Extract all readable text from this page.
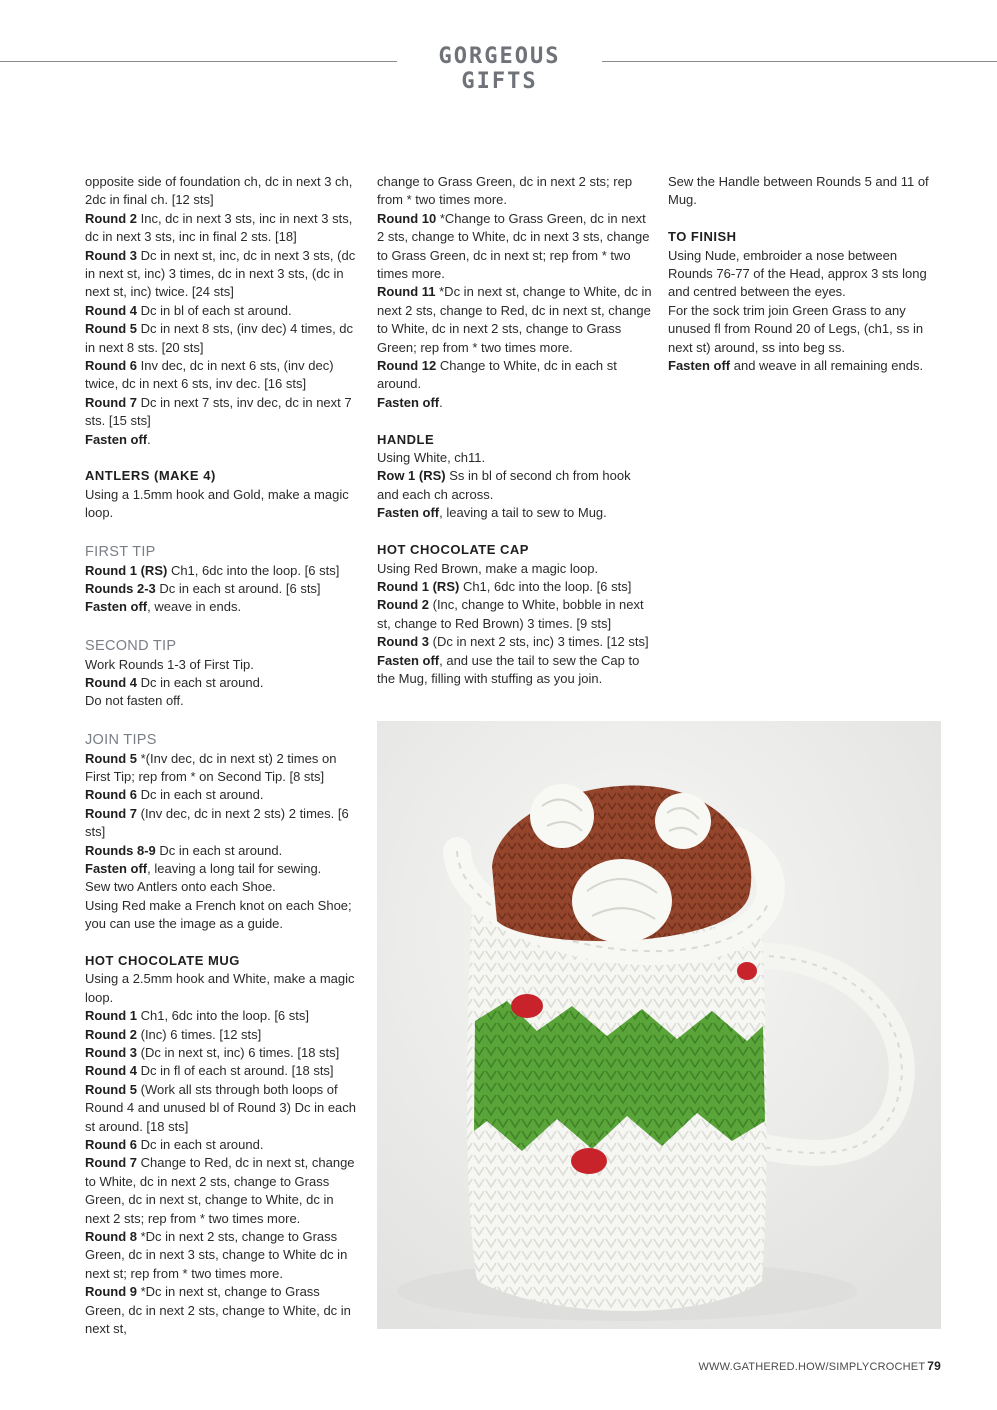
GORGEOUS GIFTS

opposite side of foundation ch, dc in next 3 ch, 2dc in final ch. [12 sts]

Round 2 Inc, dc in next 3 sts, inc in next 3 sts, dc in next 3 sts, inc in final 2 sts. [18]

Round 3 Dc in next st, inc, dc in next 3 sts, (dc in next st, inc) 3 times, dc in next 3 sts, (dc in next st, inc) twice. [24 sts]

Round 4 Dc in bl of each st around.

Round 5 Dc in next 8 sts, (inv dec) 4 times, dc in next 8 sts. [20 sts]

Round 6 Inv dec, dc in next 6 sts, (inv dec) twice, dc in next 6 sts, inv dec. [16 sts]

Round 7 Dc in next 7 sts, inv dec, dc in next 7 sts. [15 sts]

Fasten off.

ANTLERS (MAKE 4)

Using a 1.5mm hook and Gold, make a magic loop.

FIRST TIP

Round 1 (RS) Ch1, 6dc into the loop. [6 sts]

Rounds 2-3 Dc in each st around. [6 sts]

Fasten off, weave in ends.

SECOND TIP

Work Rounds 1-3 of First Tip.

Round 4 Dc in each st around.

Do not fasten off.

JOIN TIPS

Round 5 *(Inv dec, dc in next st) 2 times on First Tip; rep from * on Second Tip. [8 sts]

Round 6 Dc in each st around.

Round 7 (Inv dec, dc in next 2 sts) 2 times. [6 sts]

Rounds 8-9 Dc in each st around.

Fasten off, leaving a long tail for sewing.

Sew two Antlers onto each Shoe.

Using Red make a French knot on each Shoe; you can use the image as a guide.

HOT CHOCOLATE MUG

Using a 2.5mm hook and White, make a magic loop.

Round 1 Ch1, 6dc into the loop. [6 sts]

Round 2 (Inc) 6 times. [12 sts]

Round 3 (Dc in next st, inc) 6 times. [18 sts]

Round 4 Dc in fl of each st around. [18 sts]

Round 5 (Work all sts through both loops of Round 4 and unused bl of Round 3) Dc in each st around. [18 sts]

Round 6 Dc in each st around.

Round 7 Change to Red, dc in next st, change to White, dc in next 2 sts, change to Grass Green, dc in next st, change to White, dc in next 2 sts; rep from * two times more.

Round 8 *Dc in next 2 sts, change to Grass Green, dc in next 3 sts, change to White dc in next st; rep from * two times more.

Round 9 *Dc in next st, change to Grass Green, dc in next 2 sts, change to White, dc in next st,

change to Grass Green, dc in next 2 sts; rep from * two times more.

Round 10 *Change to Grass Green, dc in next 2 sts, change to White, dc in next 3 sts, change to Grass Green, dc in next st; rep from * two times more.

Round 11 *Dc in next st, change to White, dc in next 2 sts, change to Red, dc in next st, change to White, dc in next 2 sts, change to Grass Green; rep from * two times more.

Round 12 Change to White, dc in each st around.

Fasten off.

HANDLE

Using White, ch11.

Row 1 (RS) Ss in bl of second ch from hook and each ch across.

Fasten off, leaving a tail to sew to Mug.

HOT CHOCOLATE CAP

Using Red Brown, make a magic loop.

Round 1 (RS) Ch1, 6dc into the loop. [6 sts]

Round 2 (Inc, change to White, bobble in next st, change to Red Brown) 3 times. [9 sts]

Round 3 (Dc in next 2 sts, inc) 3 times. [12 sts]

Fasten off, and use the tail to sew the Cap to the Mug, filling with stuffing as you join.

Sew the Handle between Rounds 5 and 11 of Mug.

TO FINISH

Using Nude, embroider a nose between Rounds 76-77 of the Head, approx 3 sts long and centred between the eyes.

For the sock trim join Green Grass to any unused fl from Round 20 of Legs, (ch1, ss in next st) around, ss into beg ss.

Fasten off and weave in all remaining ends.

WWW.GATHERED.HOW/SIMPLYCROCHET 79
